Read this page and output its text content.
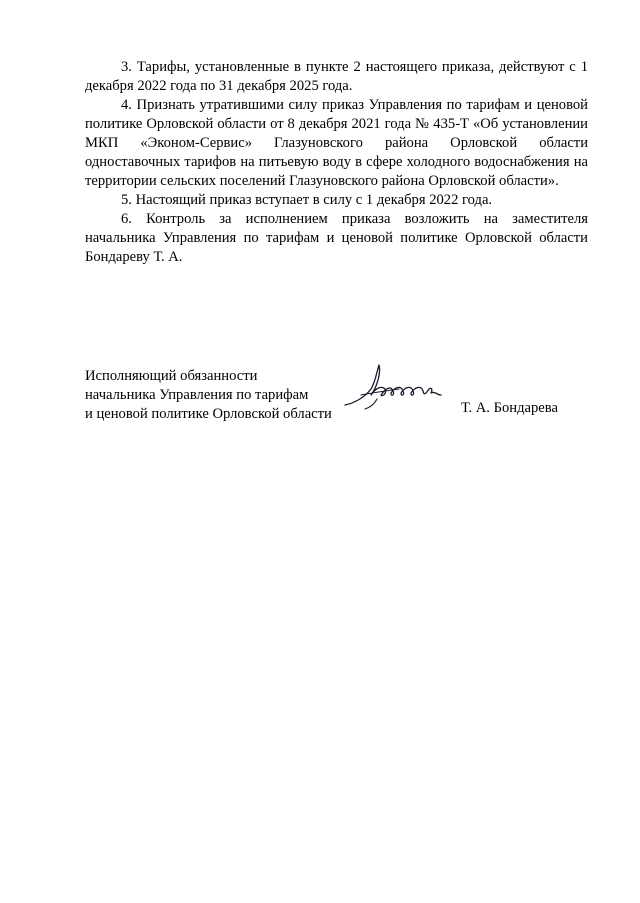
3. Тарифы, установленные в пункте 2 настоящего приказа, действуют с 1 декабря 2022 года по 31 декабря 2025 года.

4. Признать утратившими силу приказ Управления по тарифам и ценовой политике Орловской области от 8 декабря 2021 года № 435-Т «Об установлении МКП «Эконом-Сервис» Глазуновского района Орловской области одноставочных тарифов на питьевую воду в сфере холодного водоснабжения на территории сельских поселений Глазуновского района Орловской области».

5. Настоящий приказ вступает в силу с 1 декабря 2022 года.

6. Контроль за исполнением приказа возложить на заместителя начальника Управления по тарифам и ценовой политике Орловской области Бондареву Т. А.

Исполняющий обязанности
начальника Управления по тарифам
и ценовой политике Орловской области	Т. А. Бондарева
